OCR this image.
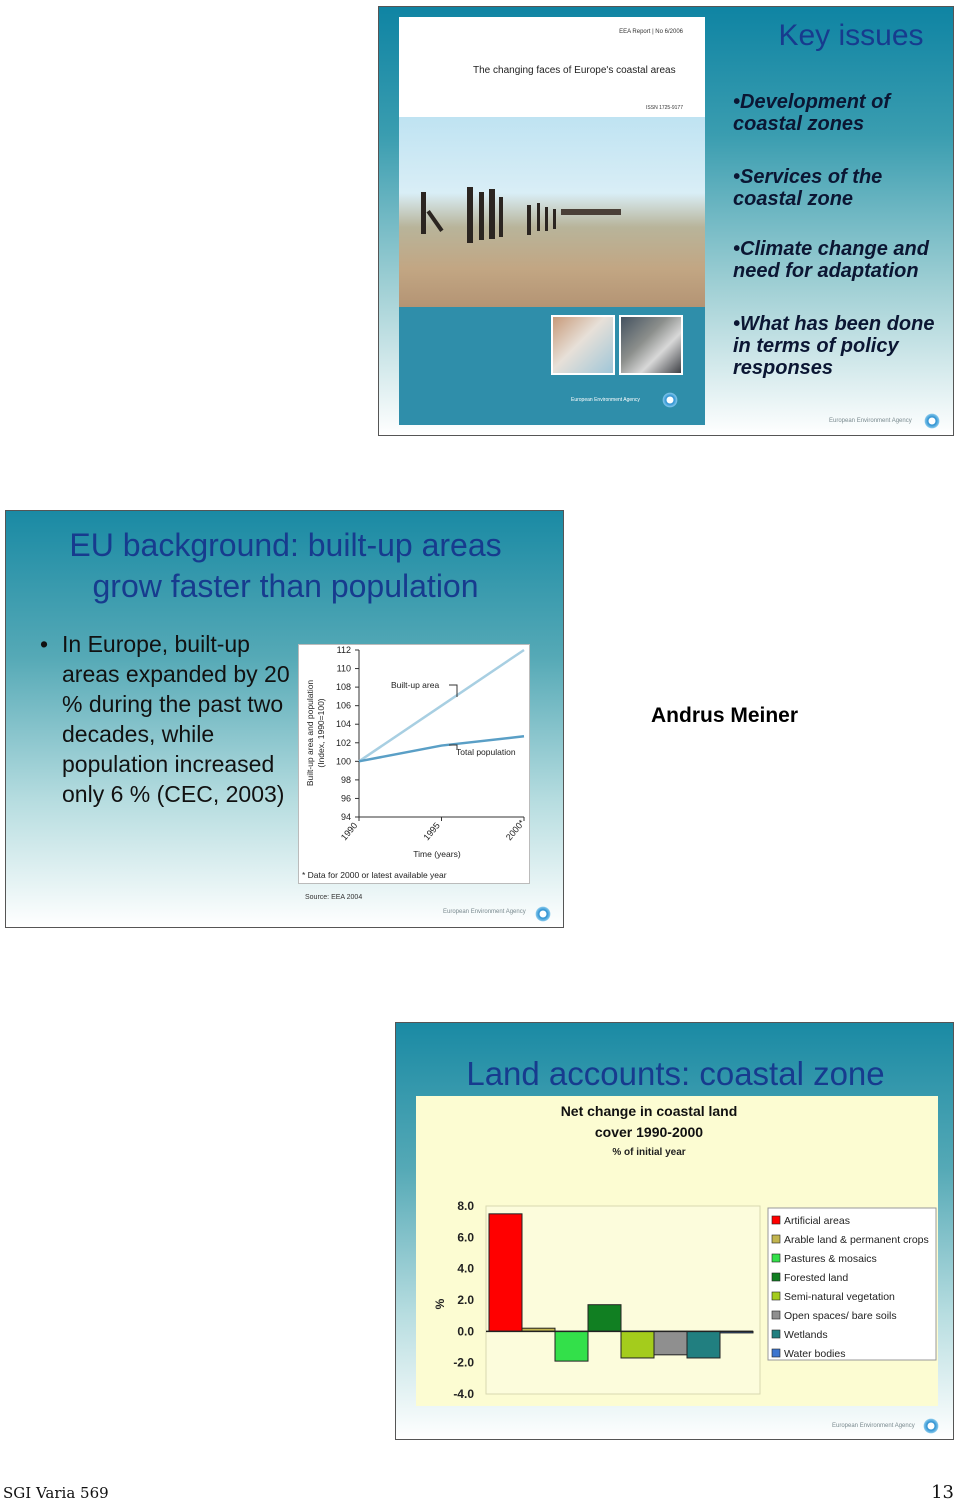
EEA Report | No 6/2006
The changing faces of Europe's coastal areas
ISSN 1725-9177
European Environment Agency
Key issues
•Development of coastal zones
•Services of the coastal zone
•Climate change and need for adaptation
•What has been done in terms of policy responses
European Environment Agency
EU background: built-up areas
grow faster than population
• In Europe, built-up areas expanded by 20 % during the past two decades, while population increased only 6 % (CEC, 2003)
94
96
98
100
102
104
106
108
110
112
1990	1995	2000*
Built-up area
Total population
Time (years)
Built-up area and population (Index, 1990=100)
* Data for 2000 or latest available year
Source: EEA 2004
European Environment Agency
Andrus Meiner
Land accounts: coastal zone
Net change in coastal land
cover 1990-2000
% of initial year
8.0
6.0
4.0
2.0
0.0
-2.0
-4.0
%
Artificial areas
Arable land & permanent crops
Pastures & mosaics
Forested land
Semi-natural vegetation
Open spaces/ bare soils
Wetlands
Water bodies
European Environment Agency
SGI Varia 569	13
